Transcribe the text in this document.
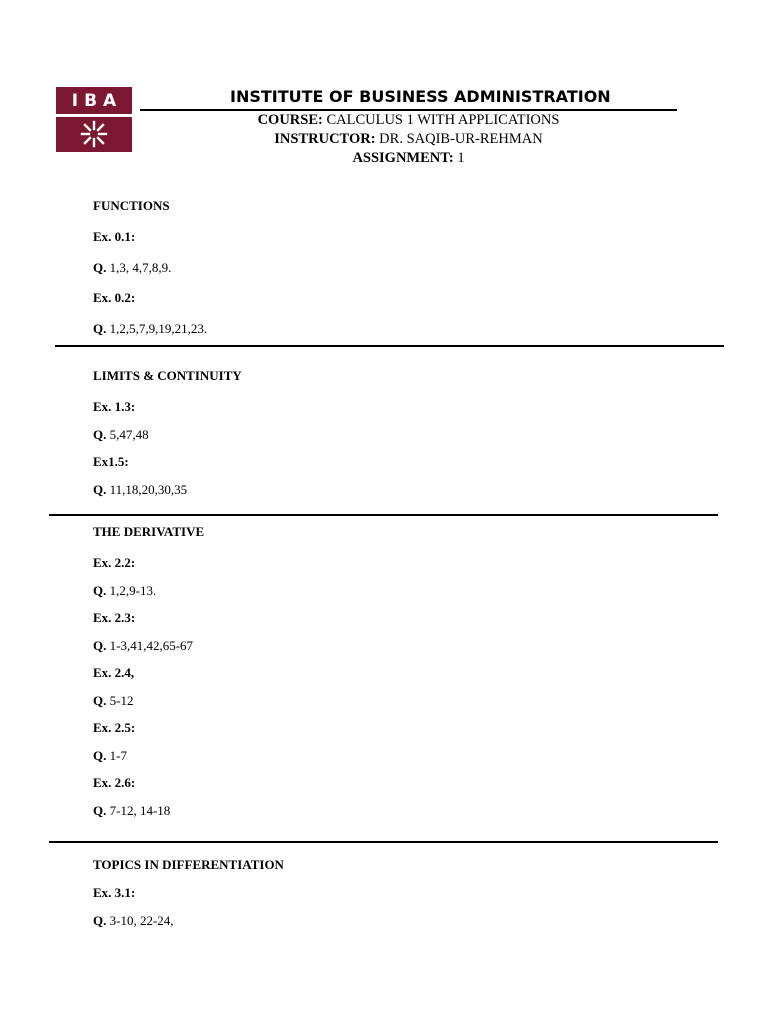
IBA	INSTITUTE OF BUSINESS ADMINISTRATION
COURSE: CALCULUS 1 WITH APPLICATIONS
INSTRUCTOR: DR. SAQIB-UR-REHMAN
ASSIGNMENT: 1
FUNCTIONS
Ex. 0.1:
Q. 1,3, 4,7,8,9.
Ex. 0.2:
Q. 1,2,5,7,9,19,21,23.
LIMITS & CONTINUITY
Ex. 1.3:
Q. 5,47,48
Ex1.5:
Q. 11,18,20,30,35
THE DERIVATIVE
Ex. 2.2:
Q. 1,2,9-13.
Ex. 2.3:
Q. 1-3,41,42,65-67
Ex. 2.4,
Q. 5-12
Ex. 2.5:
Q. 1-7
Ex. 2.6:
Q. 7-12, 14-18
TOPICS IN DIFFERENTIATION
Ex. 3.1:
Q. 3-10, 22-24,
